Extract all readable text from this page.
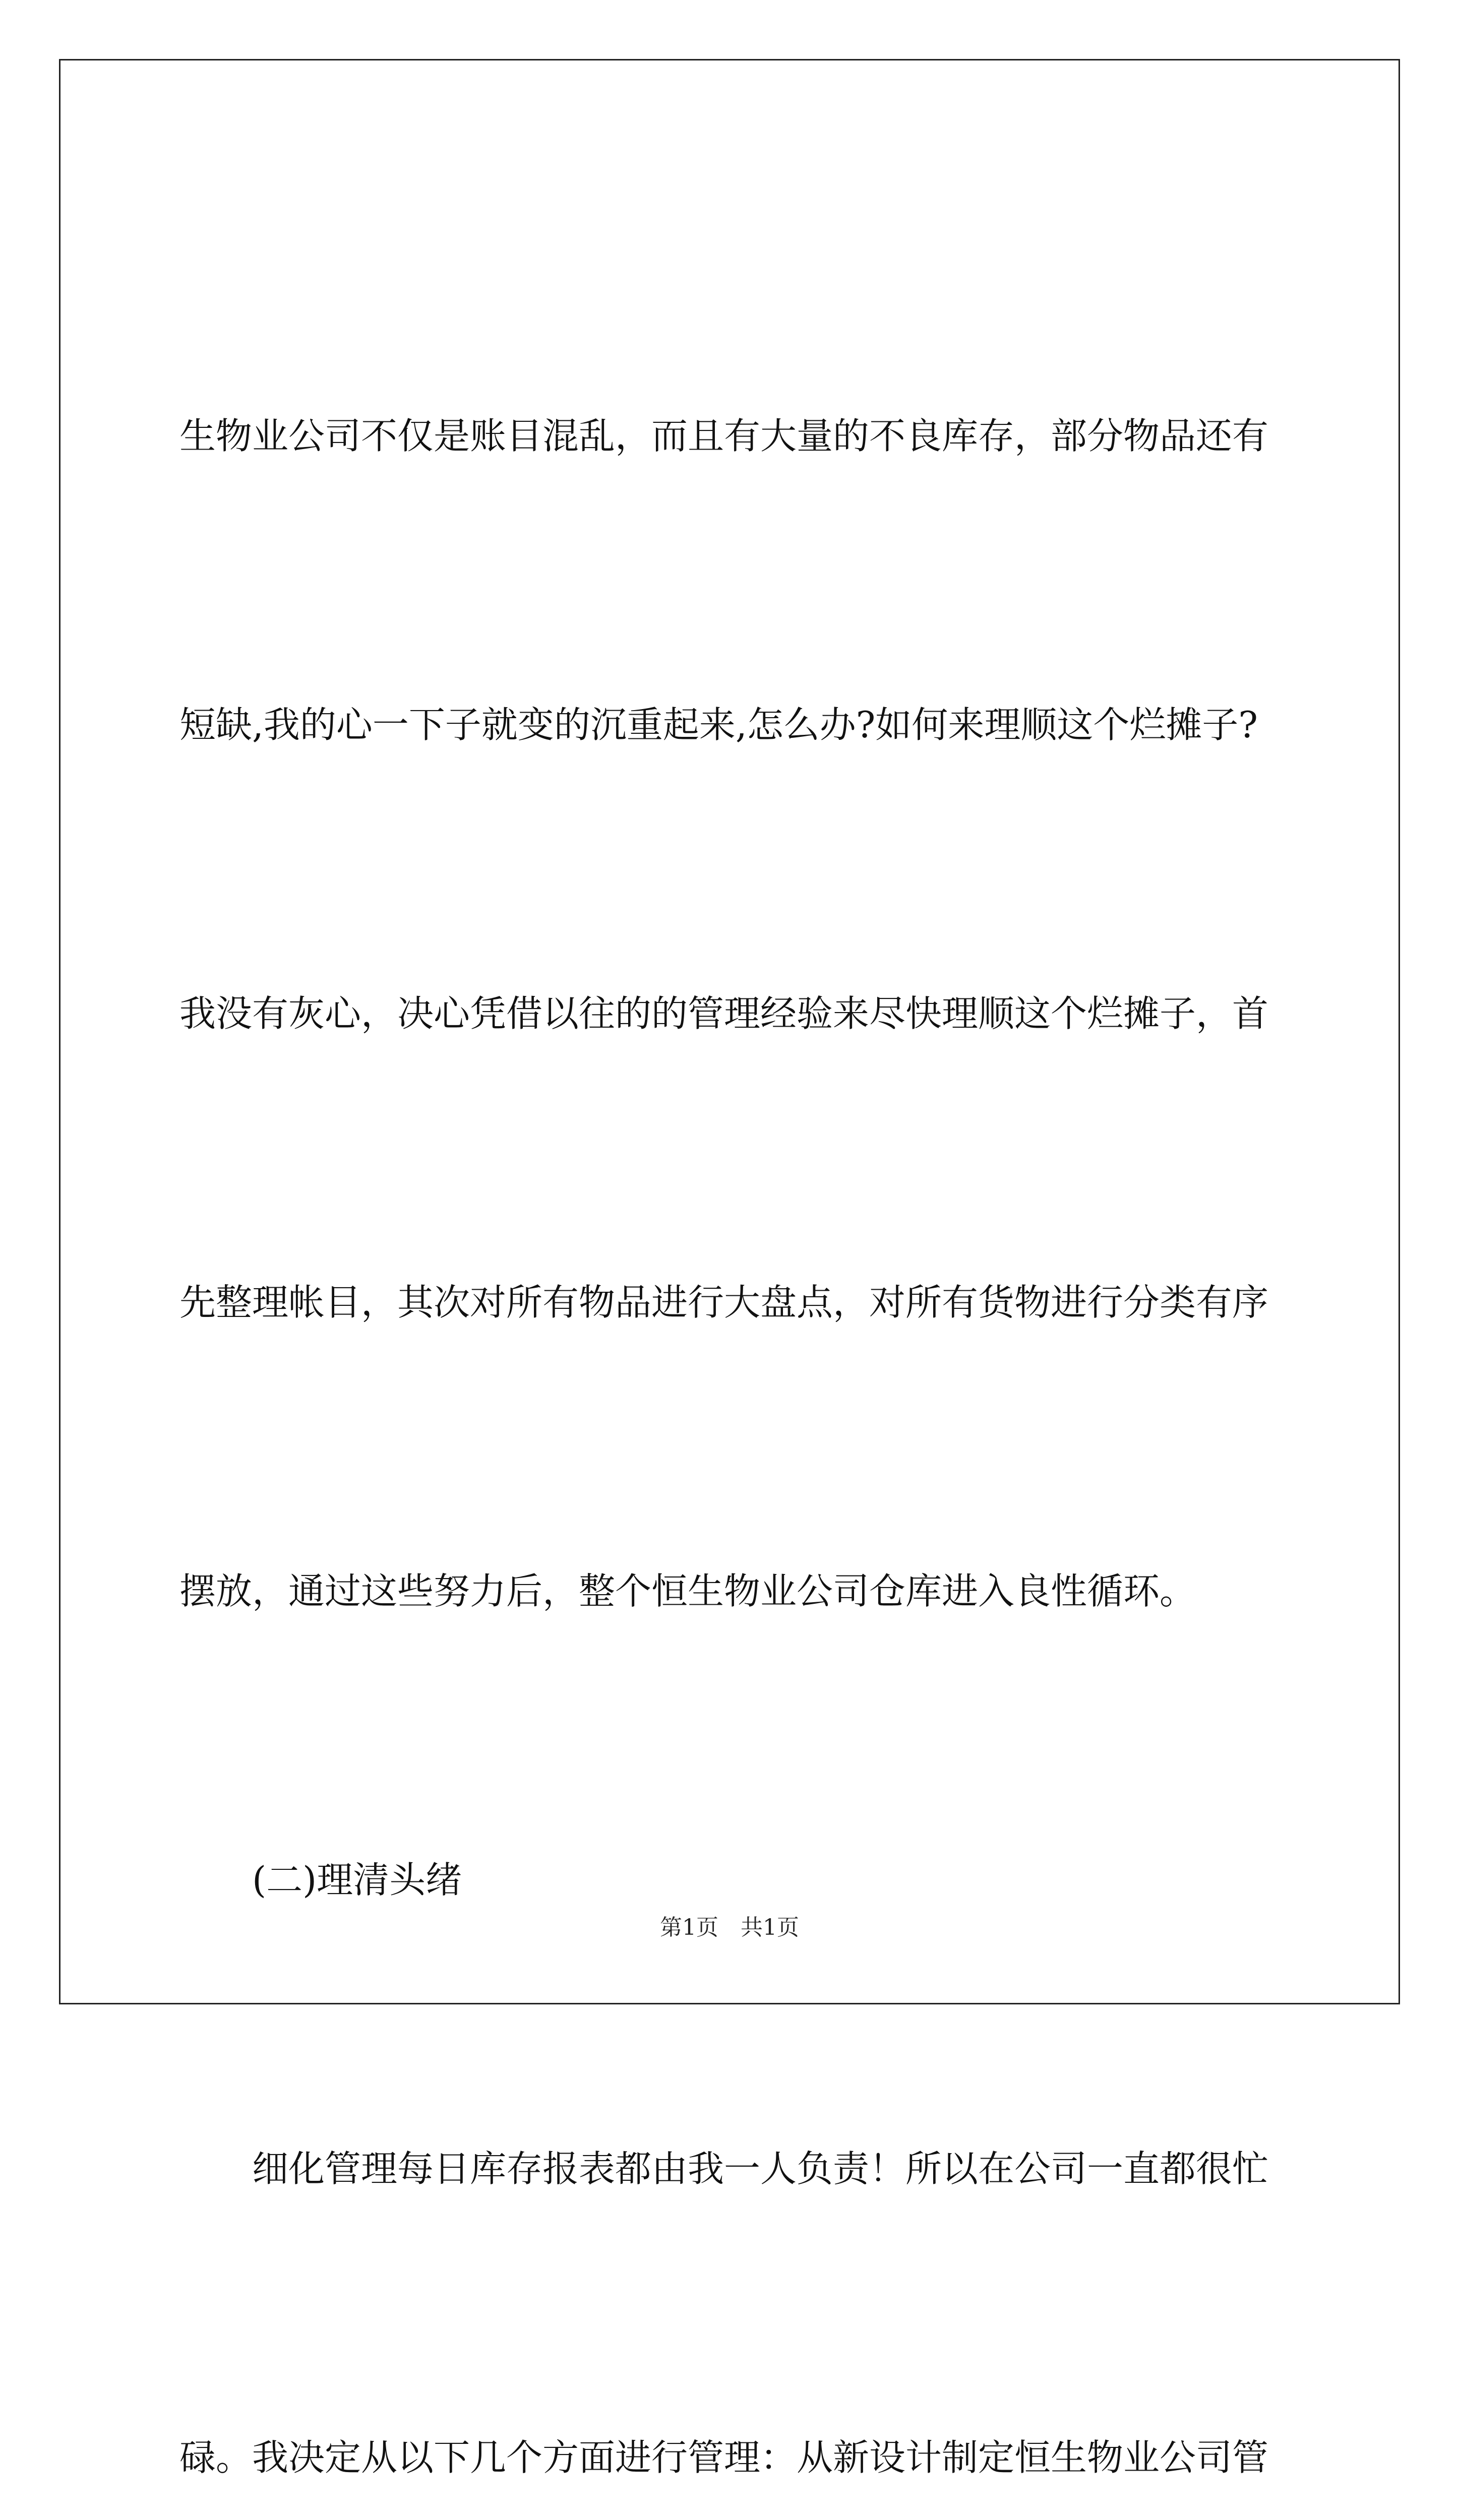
生物业公司不仅是账目混乱，而且有大量的不良库存，部分物品还有

短缺,我的心一下子就变的沉重起来,怎么办?如何来理顺这个烂摊子?

我没有灰心，决心凭借以往的的管理经验来尽快理顺这个烂摊子，首

先整理帐目，其次对所有物品进行大盘点，对所有货物进行分类有序

摆放，通过这些努力后，整个恒生物业公司仓库进入良性循环。

(二)理清头绪

细化管理每日库存报表都由我一人负责！所以在公司一直都很忙

碌。我决定从以下几个方面进行管理：从新设计制定恒生物业公司管

第1页　共1页
